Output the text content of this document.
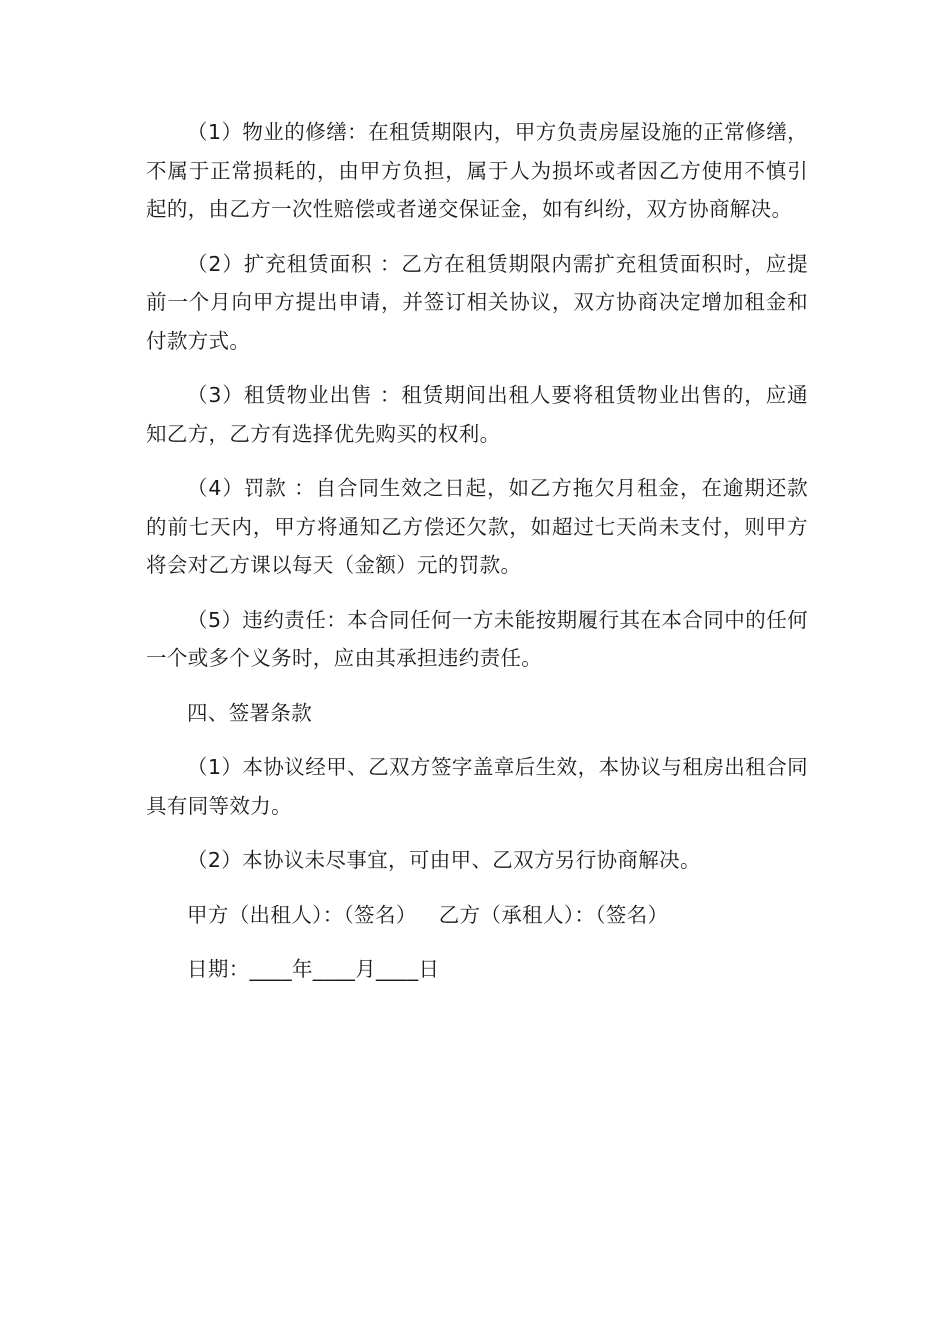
（1）物业的修缮：在租赁期限内，甲方负责房屋设施的正常修缮，不属于正常损耗的，由甲方负担，属于人为损坏或者因乙方使用不慎引起的，由乙方一次性赔偿或者递交保证金，如有纠纷，双方协商解决。

（2）扩充租赁面积 ：乙方在租赁期限内需扩充租赁面积时，应提前一个月向甲方提出申请，并签订相关协议，双方协商决定增加租金和付款方式。

（3）租赁物业出售 ：租赁期间出租人要将租赁物业出售的，应通知乙方，乙方有选择优先购买的权利。

（4）罚款 ：自合同生效之日起，如乙方拖欠月租金，在逾期还款的前七天内，甲方将通知乙方偿还欠款，如超过七天尚未支付，则甲方将会对乙方课以每天（金额）元的罚款。

（5）违约责任：本合同任何一方未能按期履行其在本合同中的任何一个或多个义务时，应由其承担违约责任。

四、签署条款

（1）本协议经甲、乙双方签字盖章后生效，本协议与租房出租合同具有同等效力。

（2）本协议未尽事宜，可由甲、乙双方另行协商解决。

甲方（出租人）：（签名） 乙方（承租人）：（签名）

日期：____年____月____日
